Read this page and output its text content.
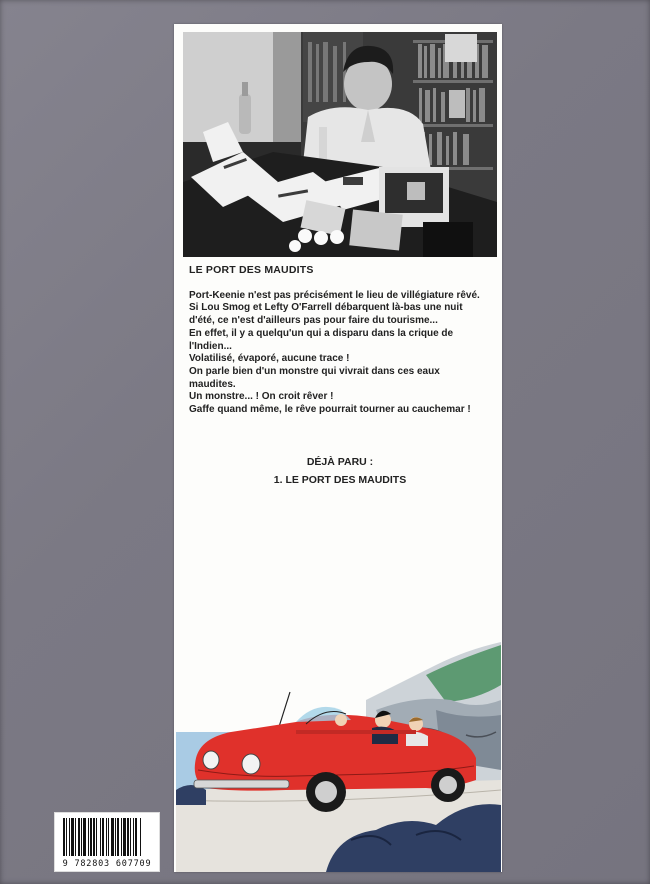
LE PORT DES MAUDITS

Port-Keenie n'est pas précisément le lieu de villégiature rêvé.

Si Lou Smog et Lefty O'Farrell débarquent là-bas une nuit d'été, ce n'est d'ailleurs pas pour faire du tourisme...

En effet, il y a quelqu'un qui a disparu dans la crique de l'Indien...

Volatilisé, évaporé, aucune trace !

On parle bien d'un monstre qui vivrait dans ces eaux maudites.

Un monstre... ! On croit rêver !

Gaffe quand même, le rêve pourrait tourner au cauchemar !

DÉJÀ PARU :
1. LE PORT DES MAUDITS
9 782803 607709
